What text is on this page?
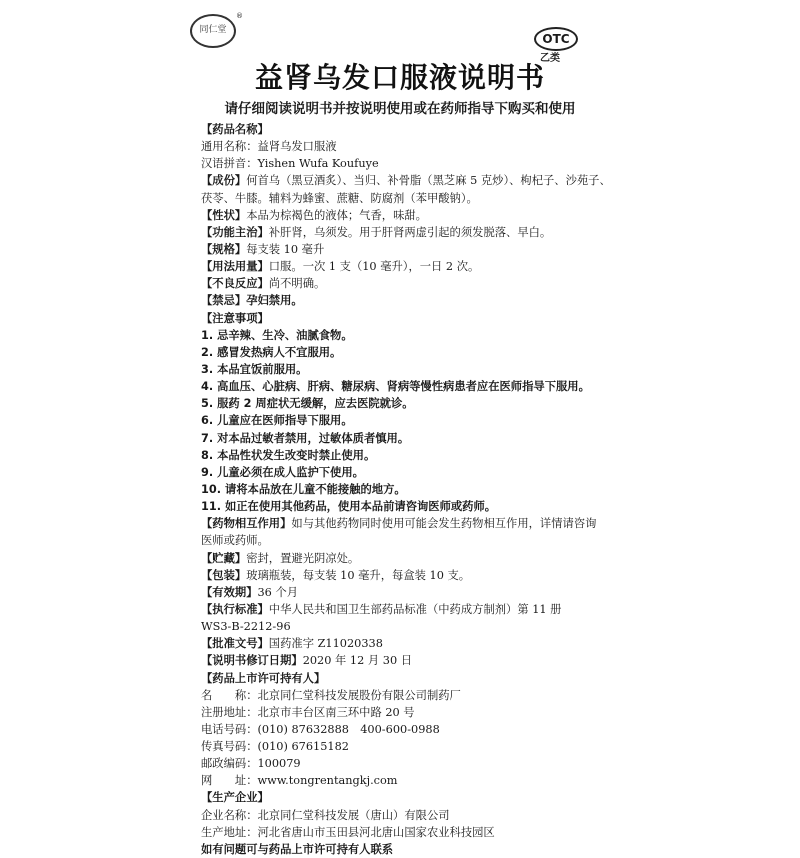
同仁堂
®
OTC
乙类
益肾乌发口服液说明书
请仔细阅读说明书并按说明使用或在药师指导下购买和使用
【药品名称】
通用名称：益肾乌发口服液
汉语拼音：Yishen Wufa Koufuye
【成份】何首乌（黑豆酒炙）、当归、补骨脂（黑芝麻 5 克炒）、枸杞子、沙苑子、
茯苓、牛膝。辅料为蜂蜜、蔗糖、防腐剂（苯甲酸钠）。
【性状】本品为棕褐色的液体；气香，味甜。
【功能主治】补肝肾，乌须发。用于肝肾两虚引起的须发脱落、早白。
【规格】每支装 10 毫升
【用法用量】口服。一次 1 支（10 毫升），一日 2 次。
【不良反应】尚不明确。
【禁忌】孕妇禁用。
【注意事项】
1. 忌辛辣、生冷、油腻食物。
2. 感冒发热病人不宜服用。
3. 本品宜饭前服用。
4. 高血压、心脏病、肝病、糖尿病、肾病等慢性病患者应在医师指导下服用。
5. 服药 2 周症状无缓解，应去医院就诊。
6. 儿童应在医师指导下服用。
7. 对本品过敏者禁用，过敏体质者慎用。
8. 本品性状发生改变时禁止使用。
9. 儿童必须在成人监护下使用。
10. 请将本品放在儿童不能接触的地方。
11. 如正在使用其他药品，使用本品前请咨询医师或药师。
【药物相互作用】如与其他药物同时使用可能会发生药物相互作用，详情请咨询
医师或药师。
【贮藏】密封，置避光阴凉处。
【包装】玻璃瓶装，每支装 10 毫升，每盒装 10 支。
【有效期】36 个月
【执行标准】中华人民共和国卫生部药品标准（中药成方制剂）第 11 册
WS3-B-2212-96
【批准文号】国药准字 Z11020338
【说明书修订日期】2020 年 12 月 30 日
【药品上市许可持有人】
名　　称：北京同仁堂科技发展股份有限公司制药厂
注册地址：北京市丰台区南三环中路 20 号
电话号码：(010) 87632888　400-600-0988
传真号码：(010) 67615182
邮政编码：100079
网　　址：www.tongrentangkj.com
【生产企业】
企业名称：北京同仁堂科技发展（唐山）有限公司
生产地址：河北省唐山市玉田县河北唐山国家农业科技园区
如有问题可与药品上市许可持有人联系
